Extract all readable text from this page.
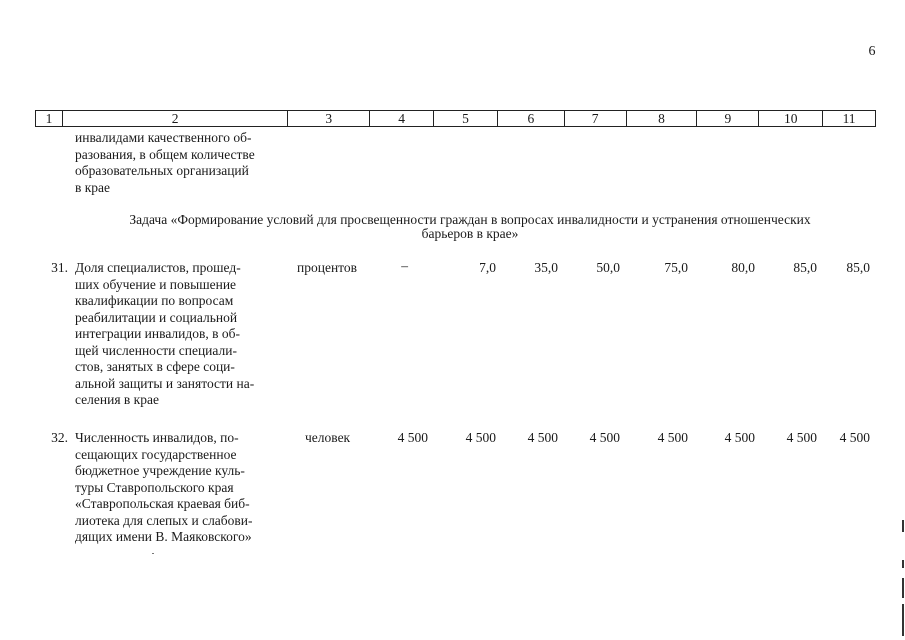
6
1	2	3	4	5	6	7	8	9	10	11
инвалидами качественного об-
разования, в общем количестве
образовательных организаций
в крае
Задача «Формирование условий для просвещенности граждан в вопросах инвалидности и устранения отношенческих
барьеров в крае»
31. Доля специалистов, прошед-
ших обучение и повышение
квалификации по вопросам
реабилитации и социальной
интеграции инвалидов, в об-
щей численности специали-
стов, занятых в сфере соци-
альной защиты и занятости на-
селения в крае
процентов	–	7,0	35,0	50,0	75,0	80,0	85,0	85,0
32. Численность инвалидов, по-
сещающих государственное
бюджетное учреждение куль-
туры Ставропольского края
«Ставропольская краевая биб-
лиотека для слепых и слабови-
дящих имени В. Маяковского»
человек	4 500	4 500	4 500	4 500	4 500	4 500	4 500	4 500
